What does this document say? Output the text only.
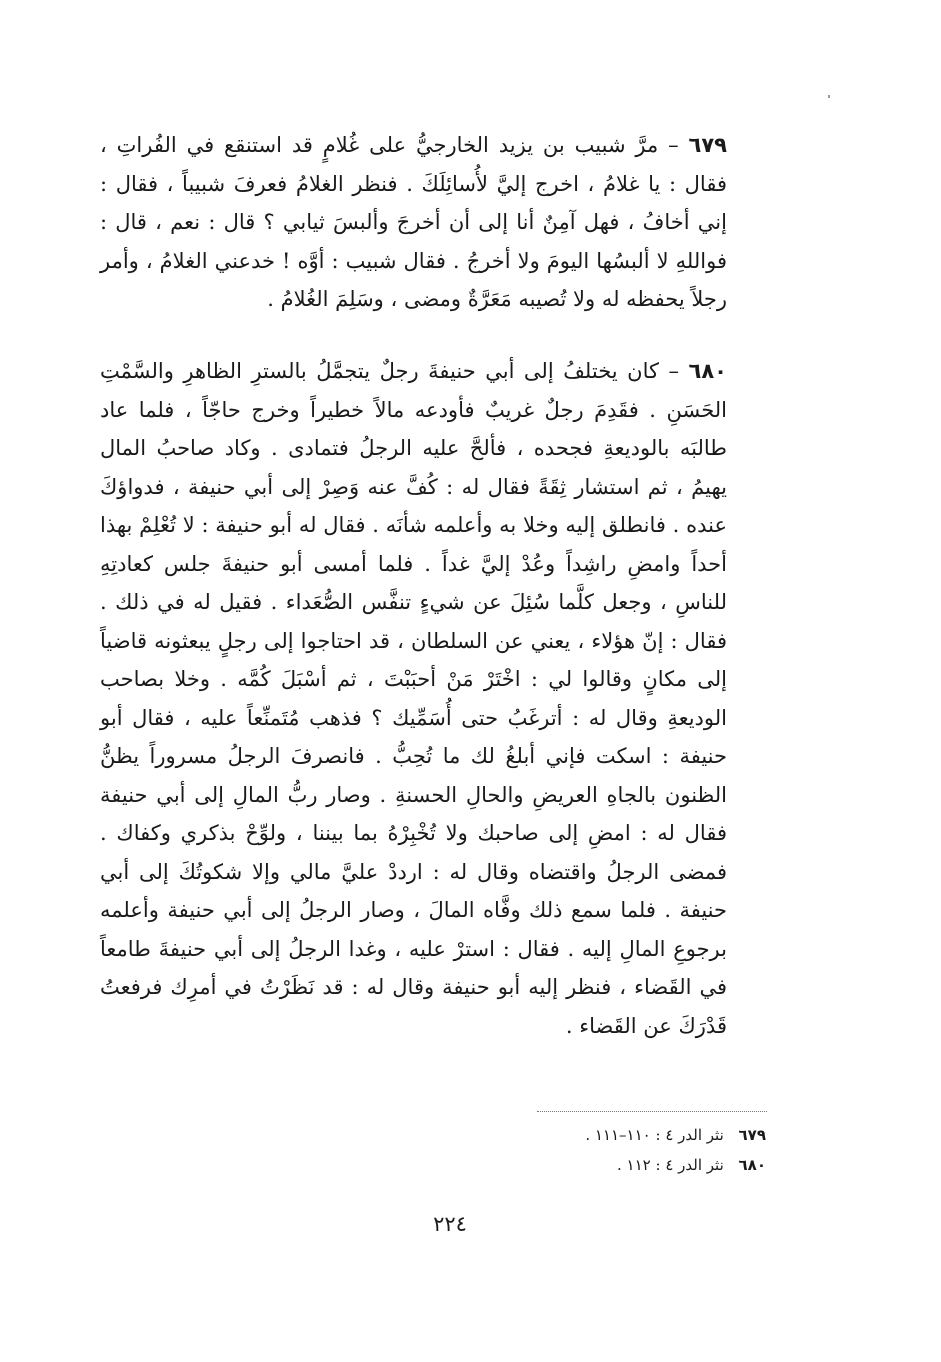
٦٧٩ – مرَّ شبيب بن يزيد الخارجيُّ على غُلامٍ قد استنقع في الفُراتِ ، فقال : يا غلامُ ، اخرج إليَّ لأُسائِلَكَ . فنظر الغلامُ فعرفَ شبيباً ، فقال : إني أخافُ ، فهل آمِنٌ أنا إلى أن أخرجَ وألبسَ ثيابي ؟ قال : نعم ، قال : فواللهِ لا ألبسُها اليومَ ولا أخرجُ . فقال شبيب : أوَّه ! خدعني الغلامُ ، وأمر رجلاً يحفظه له ولا تُصيبه مَعَرَّةٌ ومضى ، وسَلِمَ الغُلامُ .

٦٨٠ – كان يختلفُ إلى أبي حنيفةَ رجلٌ يتجمَّلُ بالسترِ الظاهرِ والسَّمْتِ الحَسَنِ . فقَدِمَ رجلٌ غريبٌ فأودعه مالاً خطيراً وخرج حاجّاً ، فلما عاد طالبَه بالوديعةِ فجحده ، فألحَّ عليه الرجلُ فتمادى . وكاد صاحبُ المال يهيمُ ، ثم استشار ثِقَةً فقال له : كُفَّ عنه وَصِرْ إلى أبي حنيفة ، فدواؤكَ عنده . فانطلق إليه وخلا به وأعلمه شأنَه . فقال له أبو حنيفة : لا تُعْلِمْ بهذا أحداً وامضِ راشِداً وعُدْ إليَّ غداً . فلما أمسى أبو حنيفةَ جلس كعادتِهِ للناسِ ، وجعل كلَّما سُئِلَ عن شيءٍ تنفَّس الصُّعَداء . فقيل له في ذلك . فقال : إنّ هؤلاء ، يعني عن السلطان ، قد احتاجوا إلى رجلٍ يبعثونه قاضياً إلى مكانٍ وقالوا لي : اخْتَرْ مَنْ أحبَبْتَ ، ثم أسْبَلَ كُمَّه . وخلا بصاحب الوديعةِ وقال له : أترغَبُ حتى أُسَمِّيك ؟ فذهب مُتَمنِّعاً عليه ، فقال أبو حنيفة : اسكت فإني أبلغُ لك ما تُحِبُّ . فانصرفَ الرجلُ مسروراً يظنُّ الظنون بالجاهِ العريضِ والحالِ الحسنةِ . وصار ربُّ المالِ إلى أبي حنيفة فقال له : امضِ إلى صاحبك ولا تُخْبِرْهُ بما بيننا ، ولوِّحْ بذكري وكفاك . فمضى الرجلُ واقتضاه وقال له : ارددْ عليَّ مالي وإلا شكوتُكَ إلى أبي حنيفة . فلما سمع ذلك وفَّاه المالَ ، وصار الرجلُ إلى أبي حنيفة وأعلمه برجوعِ المالِ إليه . فقال : استرْ عليه ، وغدا الرجلُ إلى أبي حنيفةَ طامعاً في القَضاء ، فنظر إليه أبو حنيفة وقال له : قد نَظَرْتُ في أمرِك فرفعتُ قَدْرَكَ عن القَضاء .

٦٧٩ نثر الدر ٤ : ١١٠–١١١ .
٦٨٠ نثر الدر ٤ : ١١٢ .
٢٢٤
